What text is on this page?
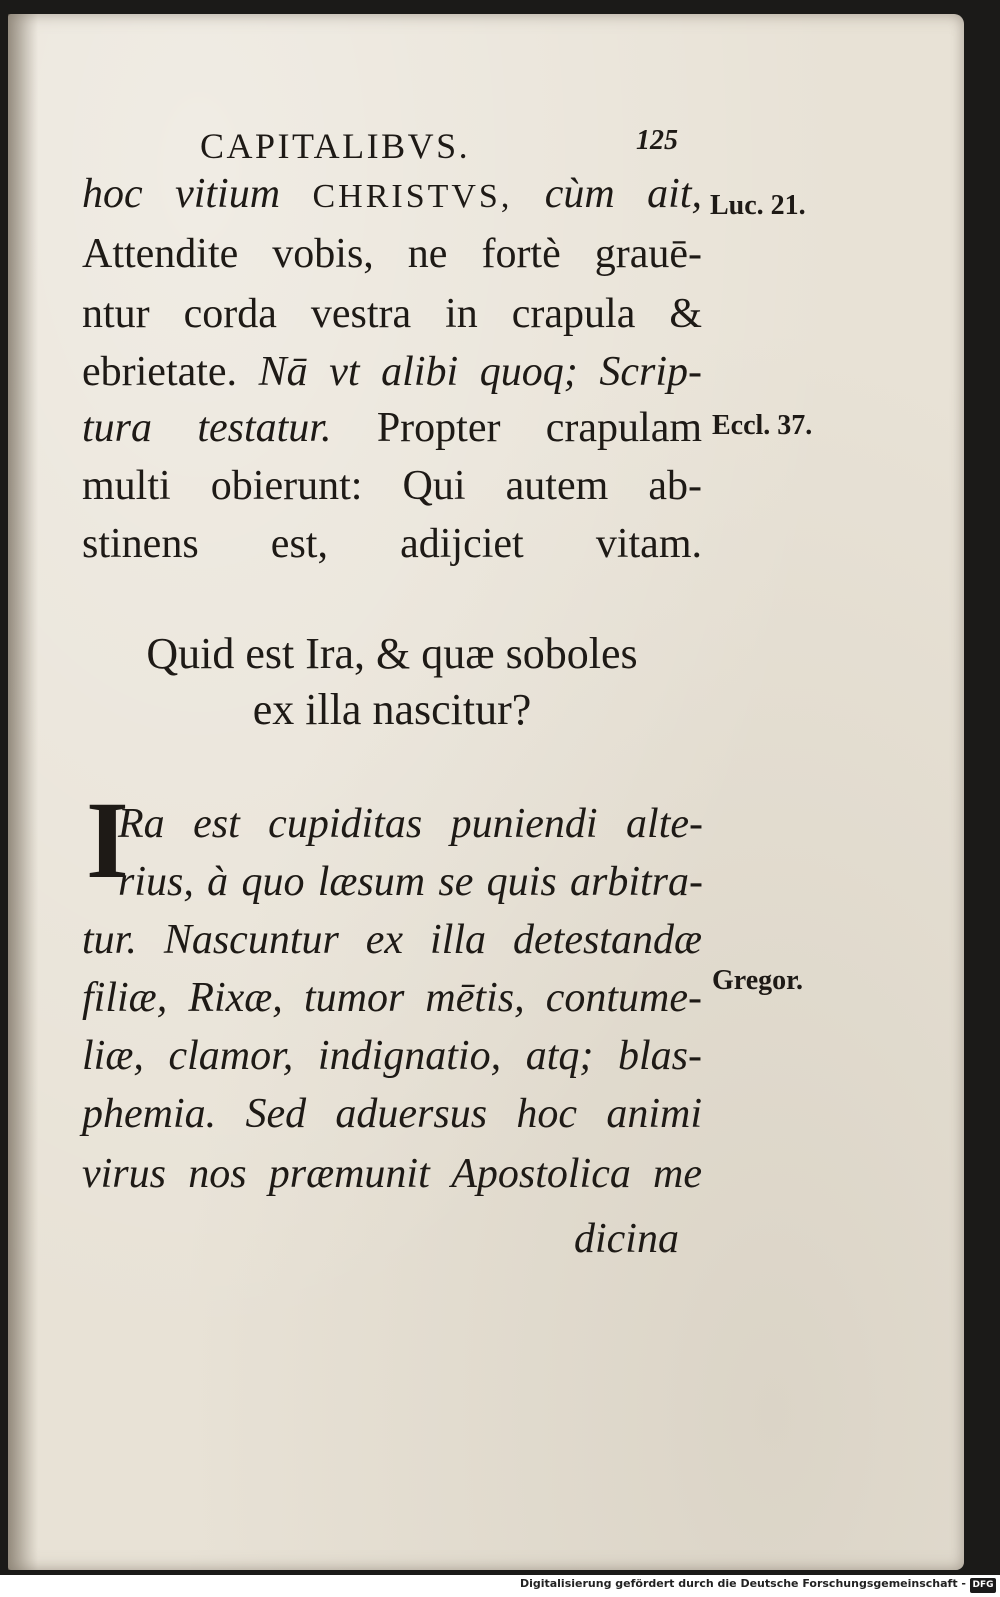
CAPITALIBVS.	125
hoc vitium CHRISTVS, cùm ait,
Attendite vobis, ne fortè grauē-
ntur corda vestra in crapula &
ebrietate. Nā vt alibi quoq; Scrip-
tura testatur. Propter crapulam
multi obierunt: Qui autem ab-
stinens est, adijciet vitam.
Luc. 21.
Eccl. 37.
Gregor.
Quid est Ira, & quæ soboles
ex illa nascitur?
I
Ra est cupiditas puniendi alte-
rius, à quo læsum se quis arbitra-
tur. Nascuntur ex illa detestandæ
filiæ, Rixæ, tumor mētis, contume-
liæ, clamor, indignatio, atq; blas-
phemia. Sed aduersus hoc animi
virus nos præmunit Apostolica me
dicina
Digitalisierung gefördert durch die Deutsche Forschungsgemeinschaft - DFG
